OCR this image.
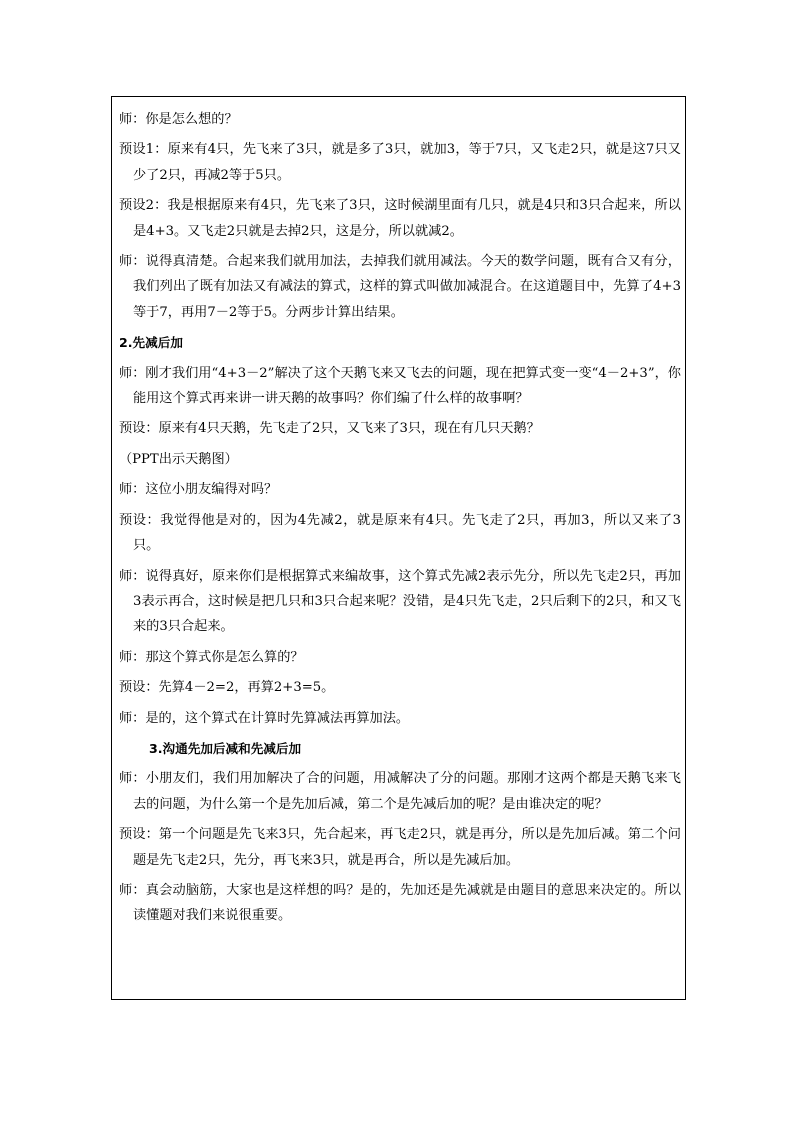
师：你是怎么想的？

预设1：原来有4只，先飞来了3只，就是多了3只，就加3，等于7只，又飞走2只，就是这7只又少了2只，再减2等于5只。

预设2：我是根据原来有4只，先飞来了3只，这时候湖里面有几只，就是4只和3只合起来，所以是4+3。又飞走2只就是去掉2只，这是分，所以就减2。

师：说得真清楚。合起来我们就用加法，去掉我们就用减法。今天的数学问题，既有合又有分，我们列出了既有加法又有减法的算式，这样的算式叫做加减混合。在这道题目中，先算了4+3等于7，再用7－2等于5。分两步计算出结果。

2.先减后加

师：刚才我们用“4+3－2”解决了这个天鹅飞来又飞去的问题，现在把算式变一变“4－2+3”，你能用这个算式再来讲一讲天鹅的故事吗？你们编了什么样的故事啊？

预设：原来有4只天鹅，先飞走了2只，又飞来了3只，现在有几只天鹅？

（PPT出示天鹅图）

师：这位小朋友编得对吗？

预设：我觉得他是对的，因为4先减2，就是原来有4只。先飞走了2只，再加3，所以又来了3只。

师：说得真好，原来你们是根据算式来编故事，这个算式先减2表示先分，所以先飞走2只，再加3表示再合，这时候是把几只和3只合起来呢？没错，是4只先飞走，2只后剩下的2只，和又飞来的3只合起来。

师：那这个算式你是怎么算的？

预设：先算4－2=2，再算2+3=5。

师：是的，这个算式在计算时先算减法再算加法。

3.沟通先加后减和先减后加

师：小朋友们，我们用加解决了合的问题，用减解决了分的问题。那刚才这两个都是天鹅飞来飞去的问题，为什么第一个是先加后减，第二个是先减后加的呢？是由谁决定的呢？

预设：第一个问题是先飞来3只，先合起来，再飞走2只，就是再分，所以是先加后减。第二个问题是先飞走2只，先分，再飞来3只，就是再合，所以是先减后加。

师：真会动脑筋，大家也是这样想的吗？是的，先加还是先减就是由题目的意思来决定的。所以读懂题对我们来说很重要。
